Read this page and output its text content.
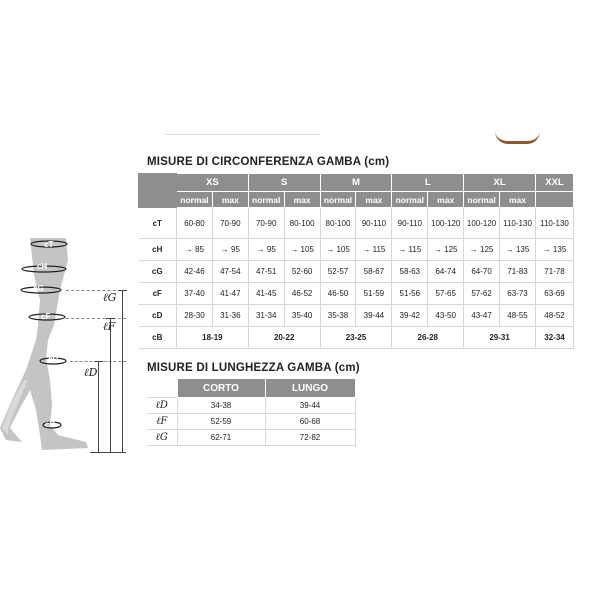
MISURE DI CIRCONFERENZA GAMBA (cm)
	XS		S		M		L		XL		XXL
	normal	max	normal	max	normal	max	normal	max	normal	max	
cT	60-80	70-90	70-90	80-100	80-100	90-110	90-110	100-120	100-120	110-130	110-130
cH	→ 85	→ 95	→ 95	→ 105	→ 105	→ 115	→ 115	→ 125	→ 125	→ 135	→ 135
cG	42-46	47-54	47-51	52-60	52-57	58-67	58-63	64-74	64-70	71-83	71-78
cF	37-40	41-47	41-45	46-52	46-50	51-59	51-56	57-65	57-62	63-73	63-69
cD	28-30	31-36	31-34	35-40	35-38	39-44	39-42	43-50	43-47	48-55	48-52
cB	18-19		20-22		23-25		26-28		29-31		32-34
MISURE DI LUNGHEZZA GAMBA (cm)
	CORTO	LUNGO
ℓD	34-38	39-44
ℓF	52-59	60-68
ℓG	62-71	72-82
cT
cH
cG
cF
cD
cB
ℓG
ℓF
ℓD
